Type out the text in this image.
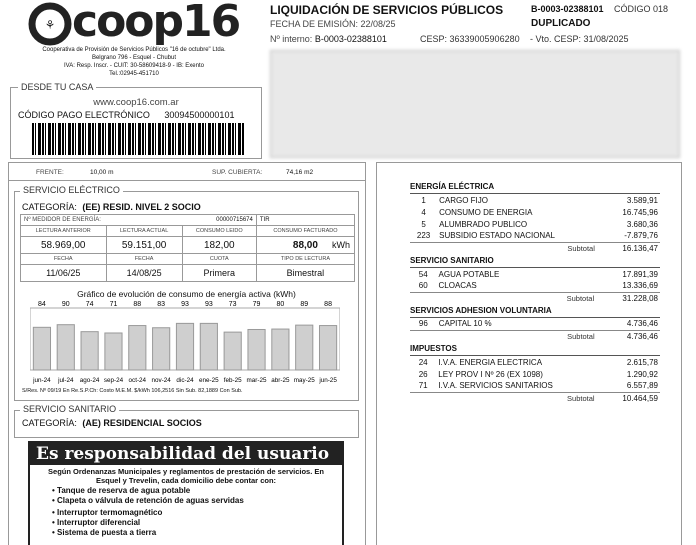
⚘ coop16
Cooperativa de Provisión de Servicios Públicos "16 de octubre" Ltda.
Belgrano 796 - Esquel - Chubut
IVA: Resp. Inscr. - CUIT: 30-58609418-9 - IB: Exento
Tel.:02945-451710
LIQUIDACIÓN DE SERVICIOS PÚBLICOS
FECHA DE EMISIÓN: 22/08/25
Nº interno: B-0003-02388101	CESP: 36339005906280 - Vto. CESP: 31/08/2025
B-0003-02388101 CÓDIGO 018
DUPLICADO
DESDE TU CASA
www.coop16.com.ar
CÓDIGO PAGO ELECTRÓNICO 30094500000101
FRENTE:	10,00 m	SUP. CUBIERTA:	74,16 m2
SERVICIO ELÉCTRICO
CATEGORÍA: (EE) RESID. NIVEL 2 SOCIO
Nº MEDIDOR DE ENERGÍA: 00000715674			TIR
LECTURA ANTERIOR	LECTURA ACTUAL	CONSUMO LEIDO	CONSUMO FACTURADO
58.969,00	59.151,00	182,00	88,00 kWh

FECHA	FECHA	CUOTA	TIPO DE LECTURA
11/06/25	14/08/25	Primera	Bimestral
Gráfico de evolución de consumo de energía activa (kWh)
84
jun-24
90
jul-24
74
ago-24
71
sep-24
88
oct-24
83
nov-24
93
dic-24
93
ene-25
73
feb-25
79
mar-25
80
abr-25
89
may-25
88
jun-25
S/Res. Nº 09/19 En Re.S.P.Ch: Costo M.E.M. $/kWh 106,2516 Sin Sub. 82,1889 Con Sub.
SERVICIO SANITARIO
CATEGORÍA: (AE) RESIDENCIAL SOCIOS
Es responsabilidad del usuario
Según Ordenanzas Municipales y reglamentos de prestación de servicios. En Esquel y Trevelin, cada domicilio debe contar con:
• Tanque de reserva de agua potable
• Clapeta o válvula de retención de aguas servidas
• Interruptor termomagnético
• Interruptor diferencial
• Sistema de puesta a tierra
ENERGÍA ELÉCTRICA
1	CARGO FIJO		3.589,91
4	CONSUMO DE ENERGIA		16.745,96
5	ALUMBRADO PUBLICO		3.680,36
223	SUBSIDIO ESTADO NACIONAL		-7.879,76
		Subtotal	16.136,47
SERVICIO SANITARIO
54	AGUA POTABLE		17.891,39
60	CLOACAS		13.336,69
		Subtotal	31.228,08
SERVICIOS ADHESION VOLUNTARIA
96	CAPITAL 10 %		4.736,46
		Subtotal	4.736,46
IMPUESTOS
24	I.V.A. ENERGIA ELECTRICA		2.615,78
26	LEY PROV I Nº 26 (EX 1098)		1.290,92
71	I.V.A. SERVICIOS SANITARIOS		6.557,89
		Subtotal	10.464,59
